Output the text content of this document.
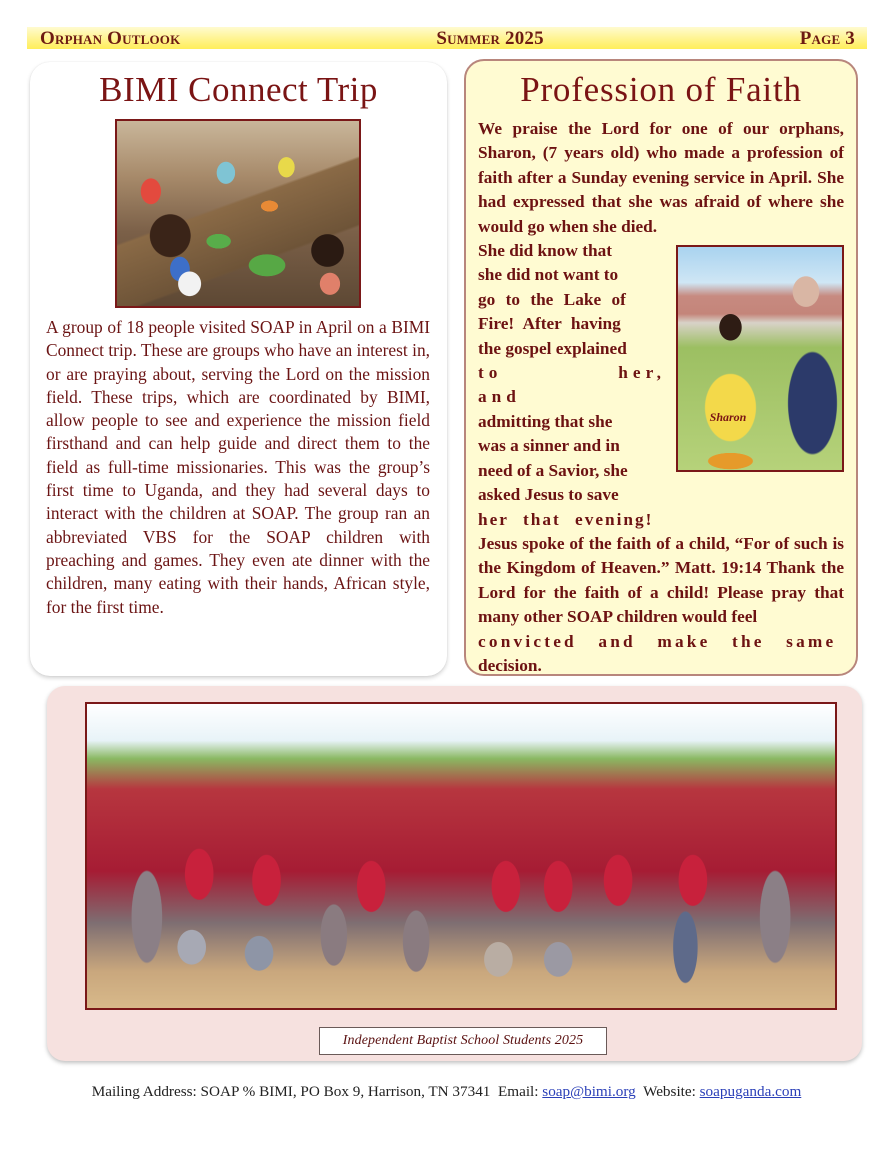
Orphan Outlook	Summer 2025	Page 3
BIMI Connect Trip

A group of 18 people visited SOAP in April on a BIMI Connect trip. These are groups who have an interest in, or are praying about, serving the Lord on the mission field. These trips, which are coordinated by BIMI, allow people to see and experience the mission field firsthand and can help guide and direct them to the field as full-time missionaries. This was the group’s first time to Uganda, and they had several days to interact with the children at SOAP. The group ran an abbreviated VBS for the SOAP children with preaching and games. They even ate dinner with the children, many eating with their hands, African style, for the first time.

Profession of Faith

We praise the Lord for one of our orphans, Sharon, (7 years old) who made a profession of faith after a Sunday evening service in April. She had expressed that she was afraid of where she would go when she died.

Sharon
She did know that
she did not want to
go to the Lake of
Fire! After having
the gospel explained
to her, and
admitting that she
was a sinner and in
need of a Savior, she
asked Jesus to save
her that evening!

Jesus spoke of the faith of a child, “For of such is the Kingdom of Heaven.” Matt. 19:14 Thank the Lord for the faith of a child! Please pray that many other SOAP children would feel

convicted and make the same

decision.

Independent Baptist School Students 2025
Mailing Address: SOAP % BIMI, PO Box 9, Harrison, TN 37341 Email: soap@bimi.org Website: soapuganda.com
